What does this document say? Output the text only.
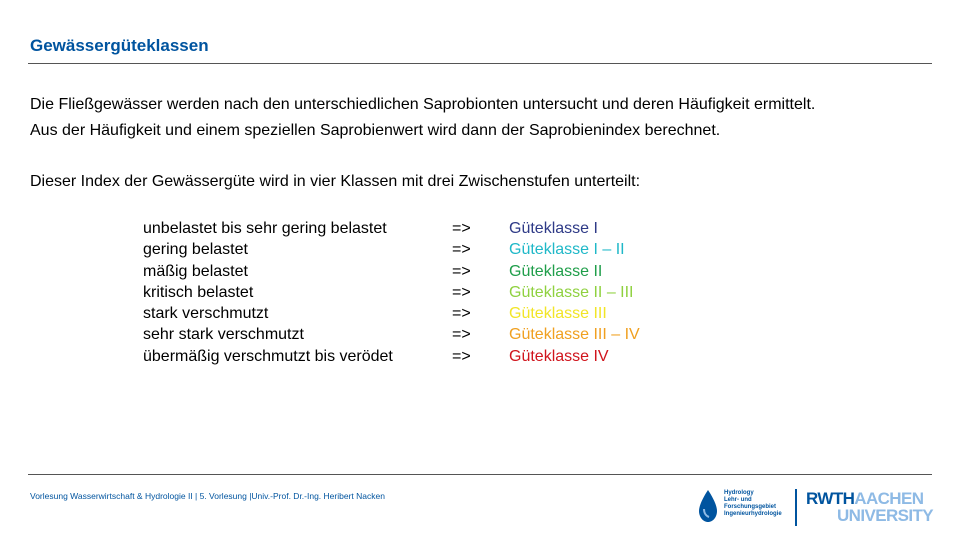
Gewässergüteklassen

Die Fließgewässer werden nach den unterschiedlichen Saprobionten untersucht und deren Häufigkeit ermittelt.

Aus der Häufigkeit und einem speziellen Saprobienwert wird dann der Saprobienindex berechnet.

Dieser Index der Gewässergüte wird in vier Klassen mit drei Zwischenstufen unterteilt:

unbelastet bis sehr gering belastet	=>	Güteklasse I
gering belastet	=>	Güteklasse I – II
mäßig belastet	=>	Güteklasse II
kritisch belastet	=>	Güteklasse II – III
stark verschmutzt	=>	Güteklasse III
sehr stark verschmutzt	=>	Güteklasse III – IV
übermäßig verschmutzt bis verödet	=>	Güteklasse IV
Vorlesung Wasserwirtschaft & Hydrologie II | 5. Vorlesung |Univ.-Prof. Dr.-Ing. Heribert Nacken	Hydrology
Lehr- und
Forschungsgebiet
Ingenieurhydrologie
RWTHAACHEN
UNIVERSITY
